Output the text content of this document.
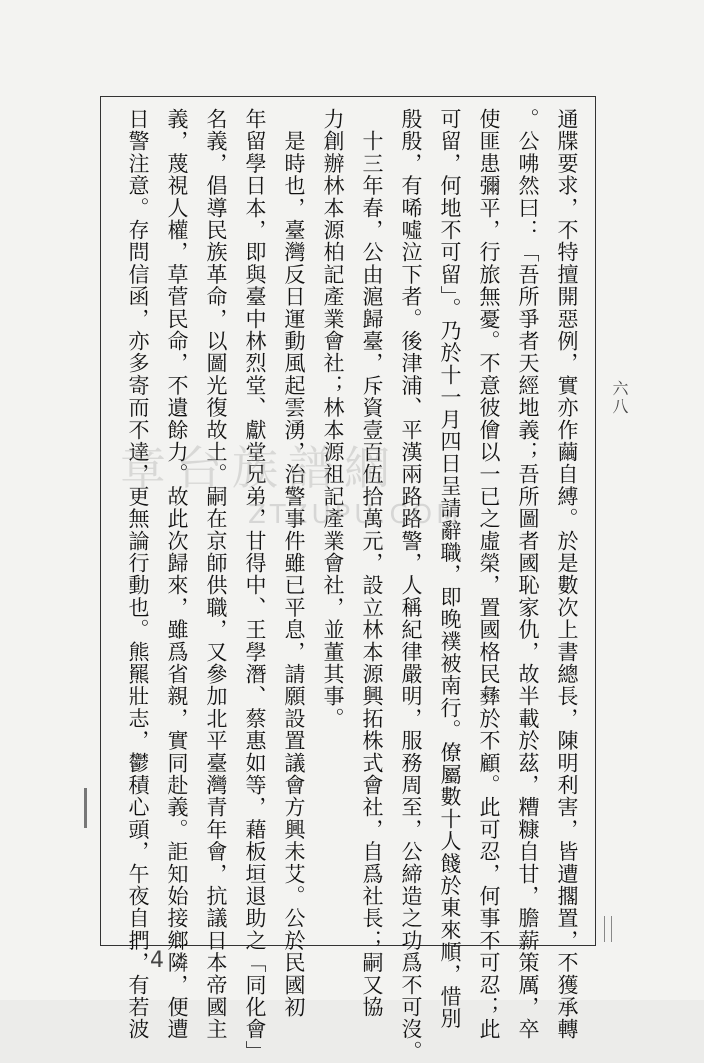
六八
通牒要求，不特擅開惡例，實亦作繭自縛。於是數次上書總長，陳明利害，皆遭擱置，不獲承轉
。公咈然曰：「吾所爭者天經地義；吾所圖者國恥家仇，故半載於茲，糟糠自甘，膽薪策厲，卒
使匪患彌平，行旅無憂。不意彼儈以一已之虛榮，置國格民彝於不顧。此可忍，何事不可忍；此
可留，何地不可留」。乃於十一月四日呈請辭職，即晚襆被南行。僚屬數十人餞於東來順，惜別
殷殷，有唏噓泣下者。後津浦、平漢兩路路警，人稱紀律嚴明，服務周至，公締造之功爲不可沒。
　十三年春，公由滬歸臺，斥資壹百伍拾萬元，設立林本源興拓株式會社，自爲社長；嗣又協
力創辦林本源柏記產業會社；林本源祖記產業會社，並董其事。
　是時也，臺灣反日運動風起雲湧，治警事件雖已平息，請願設置議會方興未艾。公於民國初
年留學日本，即與臺中林烈堂、獻堂兄弟，甘得中、王學潛、蔡惠如等，藉板垣退助之「同化會」
名義，倡導民族革命，以圖光復故土。嗣在京師供職，又參加北平臺灣青年會，抗議日本帝國主
義，蔑視人權，草菅民命，不遺餘力。故此次歸來，雖爲省親，實同赴義。詎知始接鄉隣，便遭
日警注意。存問信函，亦多寄而不達，更無論行動也。熊羆壯志，鬱積心頭，午夜自捫，有若波
章台族譜網
ZTZUPU.COM
4
